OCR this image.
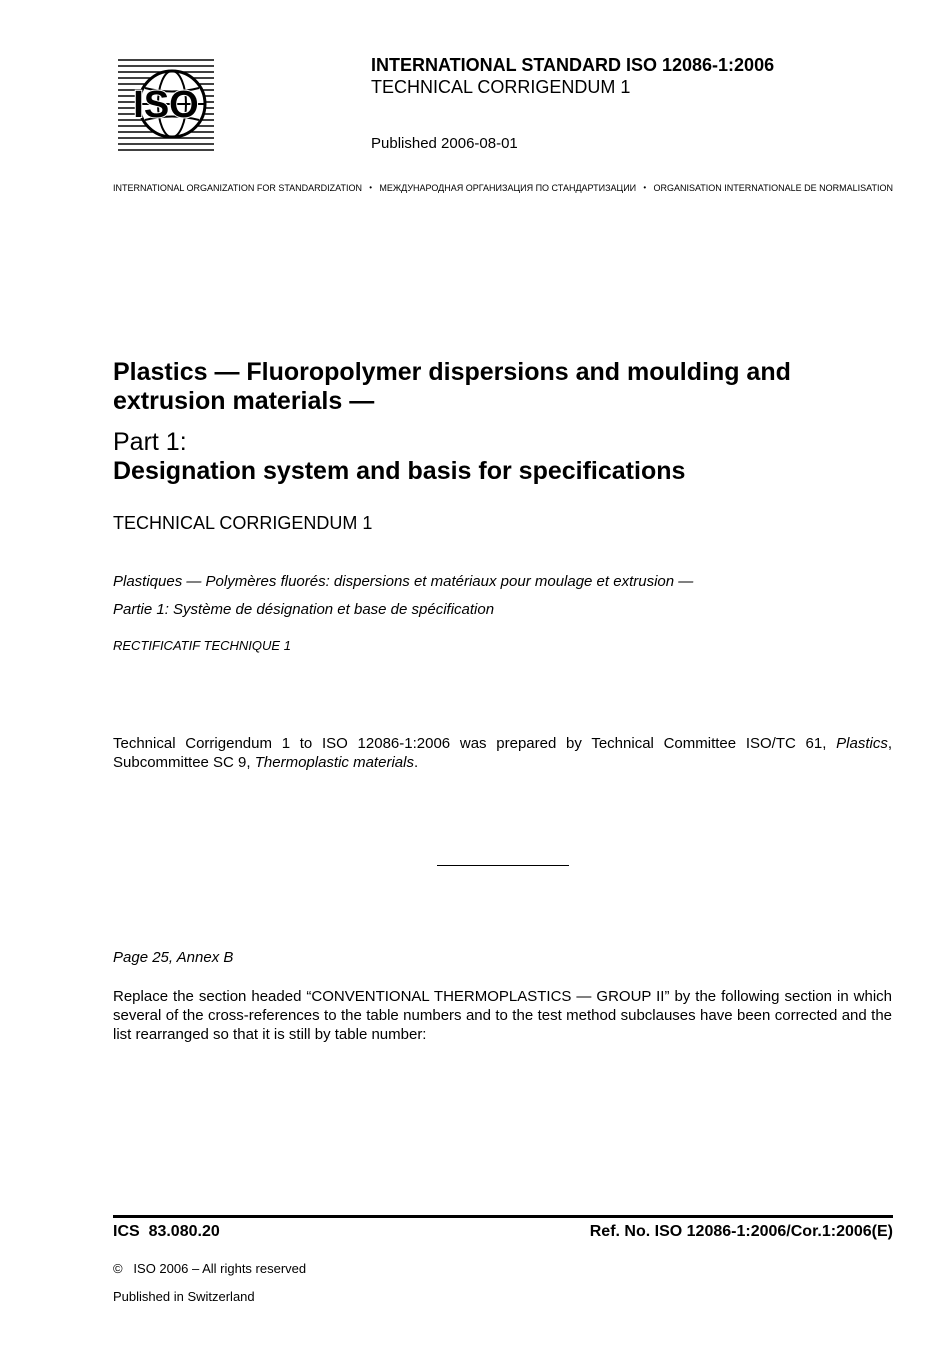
ISO
INTERNATIONAL STANDARD ISO 12086-1:2006
TECHNICAL CORRIGENDUM 1
Published 2006-08-01
INTERNATIONAL ORGANIZATION FOR STANDARDIZATION • МЕЖДУНАРОДНАЯ ОРГАНИЗАЦИЯ ПО СТАНДАРТИЗАЦИИ • ORGANISATION INTERNATIONALE DE NORMALISATION
Plastics — Fluoropolymer dispersions and moulding and extrusion materials —
Part 1:
Designation system and basis for specifications
TECHNICAL CORRIGENDUM 1
Plastiques — Polymères fluorés: dispersions et matériaux pour moulage et extrusion —
Partie 1: Système de désignation et base de spécification
RECTIFICATIF TECHNIQUE 1
Technical Corrigendum 1 to ISO 12086-1:2006 was prepared by Technical Committee ISO/TC 61, Plastics, Subcommittee SC 9, Thermoplastic materials.
Page 25, Annex B
Replace the section headed “CONVENTIONAL THERMOPLASTICS — GROUP II” by the following section in which several of the cross-references to the table numbers and to the test method subclauses have been corrected and the list rearranged so that it is still by table number:
ICS  83.080.20	Ref. No. ISO 12086-1:2006/Cor.1:2006(E)
©   ISO 2006 – All rights reserved
Published in Switzerland
